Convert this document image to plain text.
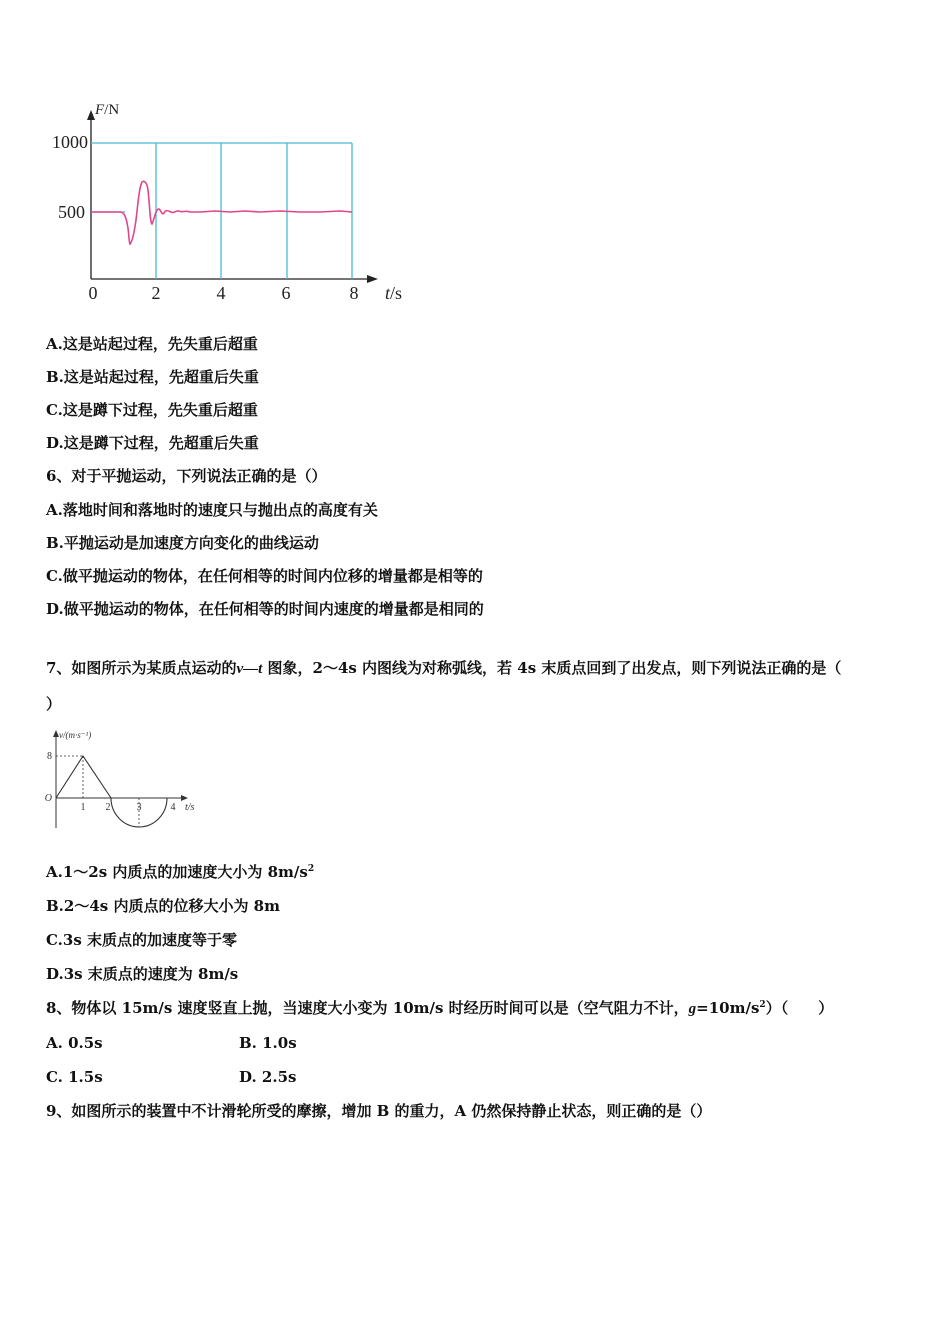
1000
500
0	2	4	6	8
F/N
t/s
A.这是站起过程，先失重后超重
B.这是站起过程，先超重后失重
C.这是蹲下过程，先失重后超重
D.这是蹲下过程，先超重后失重
6、对于平抛运动，下列说法正确的是（）
A.落地时间和落地时的速度只与抛出点的高度有关
B.平抛运动是加速度方向变化的曲线运动
C.做平抛运动的物体，在任何相等的时间内位移的增量都是相等的
D.做平抛运动的物体，在任何相等的时间内速度的增量都是相同的
7、如图所示为某质点运动的v—t 图象，2～4s 内图线为对称弧线，若 4s 末质点回到了出发点，则下列说法正确的是（
）
v/(m·s⁻¹)
8
O
1 2	3	4 t/s
A.1～2s 内质点的加速度大小为 $8m/s^2$
B.2～4s 内质点的位移大小为 8m
C.3s 末质点的加速度等于零
D.3s 末质点的速度为 8m/s
8、物体以 15m/s 速度竖直上抛，当速度大小变为 10m/s 时经历时间可以是（空气阻力不计，$g=10m/s^2$）（　　）
A. 0.5s	B. 1.0s
C. 1.5s	D. 2.5s
9、如图所示的装置中不计滑轮所受的摩擦，增加 B 的重力，A 仍然保持静止状态，则正确的是（）
